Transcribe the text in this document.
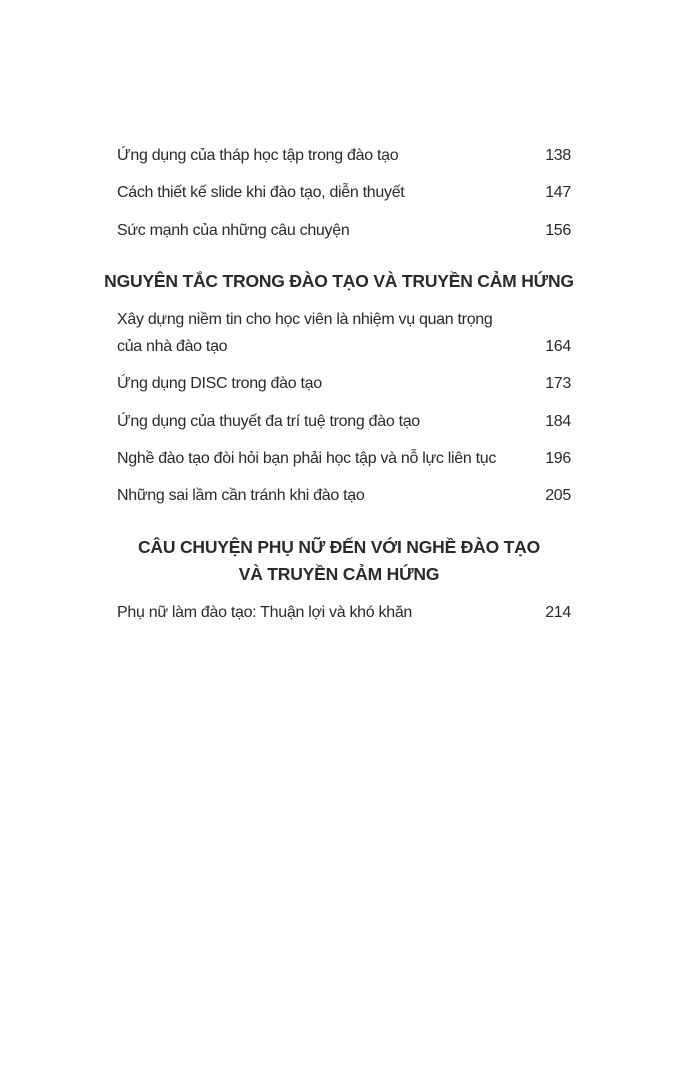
Ứng dụng của tháp học tập trong đào tạo	138
Cách thiết kế slide khi đào tạo, diễn thuyết	147
Sức mạnh của những câu chuyện	156
NGUYÊN TẮC TRONG ĐÀO TẠO VÀ TRUYỀN CẢM HỨNG
Xây dựng niềm tin cho học viên là nhiệm vụ quan trọng
của nhà đào tạo	164
Ứng dụng DISC trong đào tạo	173
Ứng dụng của thuyết đa trí tuệ trong đào tạo	184
Nghề đào tạo đòi hỏi bạn phải học tập và nỗ lực liên tục	196
Những sai lầm cần tránh khi đào tạo	205
CÂU CHUYỆN PHỤ NỮ ĐẾN VỚI NGHỀ ĐÀO TẠO
VÀ TRUYỀN CẢM HỨNG
Phụ nữ làm đào tạo: Thuận lợi và khó khăn	214
